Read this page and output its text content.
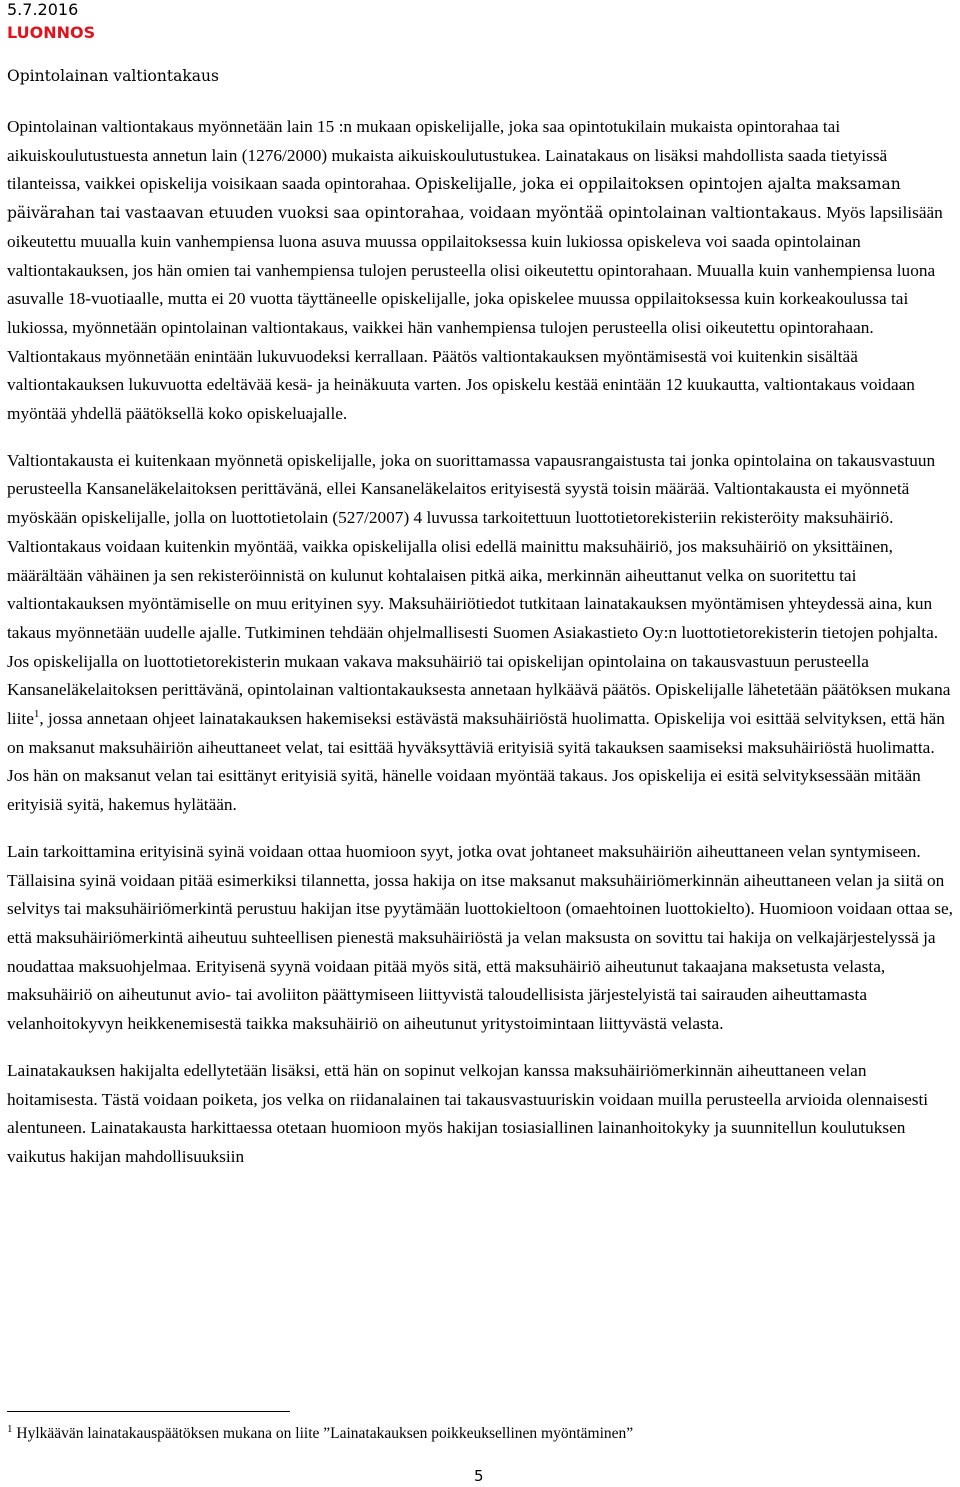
5.7.2016
LUONNOS
Opintolainan valtiontakaus

Opintolainan valtiontakaus myönnetään lain 15 :n mukaan opiskelijalle, joka saa opintotukilain mukaista opintorahaa tai aikuiskoulutustuesta annetun lain (1276/2000) mukaista aikuiskoulutustukea. Lainatakaus on lisäksi mahdollista saada tietyissä tilanteissa, vaikkei opiskelija voisikaan saada opintorahaa. Opiskelijalle, joka ei oppilaitoksen opintojen ajalta maksaman päivärahan tai vastaavan etuuden vuoksi saa opintorahaa, voidaan myöntää opintolainan valtiontakaus. Myös lapsilisään oikeutettu muualla kuin vanhempiensa luona asuva muussa oppilaitoksessa kuin lukiossa opiskeleva voi saada opintolainan valtiontakauksen, jos hän omien tai vanhempiensa tulojen perusteella olisi oikeutettu opintorahaan. Muualla kuin vanhempiensa luona asuvalle 18-vuotiaalle, mutta ei 20 vuotta täyttäneelle opiskelijalle, joka opiskelee muussa oppilaitoksessa kuin korkeakoulussa tai lukiossa, myönnetään opintolainan valtiontakaus, vaikkei hän vanhempiensa tulojen perusteella olisi oikeutettu opintorahaan. Valtiontakaus myönnetään enintään lukuvuodeksi kerrallaan. Päätös valtiontakauksen myöntämisestä voi kuitenkin sisältää valtiontakauksen lukuvuotta edeltävää kesä- ja heinäkuuta varten. Jos opiskelu kestää enintään 12 kuukautta, valtiontakaus voidaan myöntää yhdellä päätöksellä koko opiskeluajalle.

Valtiontakausta ei kuitenkaan myönnetä opiskelijalle, joka on suorittamassa vapausrangaistusta tai jonka opintolaina on takausvastuun perusteella Kansaneläkelaitoksen perittävänä, ellei Kansaneläkelaitos erityisestä syystä toisin määrää. Valtiontakausta ei myönnetä myöskään opiskelijalle, jolla on luottotietolain (527/2007) 4 luvussa tarkoitettuun luottotietorekisteriin rekisteröity maksuhäiriö. Valtiontakaus voidaan kuitenkin myöntää, vaikka opiskelijalla olisi edellä mainittu maksuhäiriö, jos maksuhäiriö on yksittäinen, määrältään vähäinen ja sen rekisteröinnistä on kulunut kohtalaisen pitkä aika, merkinnän aiheuttanut velka on suoritettu tai valtiontakauksen myöntämiselle on muu erityinen syy. Maksuhäiriötiedot tutkitaan lainatakauksen myöntämisen yhteydessä aina, kun takaus myönnetään uudelle ajalle. Tutkiminen tehdään ohjelmallisesti Suomen Asiakastieto Oy:n luottotietorekisterin tietojen pohjalta. Jos opiskelijalla on luottotietorekisterin mukaan vakava maksuhäiriö tai opiskelijan opintolaina on takausvastuun perusteella Kansaneläkelaitoksen perittävänä, opintolainan valtiontakauksesta annetaan hylkäävä päätös. Opiskelijalle lähetetään päätöksen mukana liite$^1$, jossa annetaan ohjeet lainatakauksen hakemiseksi estävästä maksuhäiriöstä huolimatta. Opiskelija voi esittää selvityksen, että hän on maksanut maksuhäiriön aiheuttaneet velat, tai esittää hyväksyttäviä erityisiä syitä takauksen saamiseksi maksuhäiriöstä huolimatta. Jos hän on maksanut velan tai esittänyt erityisiä syitä, hänelle voidaan myöntää takaus. Jos opiskelija ei esitä selvityksessään mitään erityisiä syitä, hakemus hylätään.

Lain tarkoittamina erityisinä syinä voidaan ottaa huomioon syyt, jotka ovat johtaneet maksuhäiriön aiheuttaneen velan syntymiseen. Tällaisina syinä voidaan pitää esimerkiksi tilannetta, jossa hakija on itse maksanut maksuhäiriömerkinnän aiheuttaneen velan ja siitä on selvitys tai maksuhäiriömerkintä perustuu hakijan itse pyytämään luottokieltoon (omaehtoinen luottokielto). Huomioon voidaan ottaa se, että maksuhäiriömerkintä aiheutuu suhteellisen pienestä maksuhäiriöstä ja velan maksusta on sovittu tai hakija on velkajärjestelyssä ja noudattaa maksuohjelmaa. Erityisenä syynä voidaan pitää myös sitä, että maksuhäiriö aiheutunut takaajana maksetusta velasta, maksuhäiriö on aiheutunut avio- tai avoliiton päättymiseen liittyvistä taloudellisista järjestelyistä tai sairauden aiheuttamasta velanhoitokyvyn heikkenemisestä taikka maksuhäiriö on aiheutunut yritystoimintaan liittyvästä velasta.

Lainatakauksen hakijalta edellytetään lisäksi, että hän on sopinut velkojan kanssa maksuhäiriömerkinnän aiheuttaneen velan hoitamisesta. Tästä voidaan poiketa, jos velka on riidanalainen tai takausvastuuriskin voidaan muilla perusteella arvioida olennaisesti alentuneen. Lainatakausta harkittaessa otetaan huomioon myös hakijan tosiasiallinen lainanhoitokyky ja suunnitellun koulutuksen vaikutus hakijan mahdollisuuksiin

$^1$ Hylkäävän lainatakauspäätöksen mukana on liite ”Lainatakauksen poikkeuksellinen myöntäminen”
5
